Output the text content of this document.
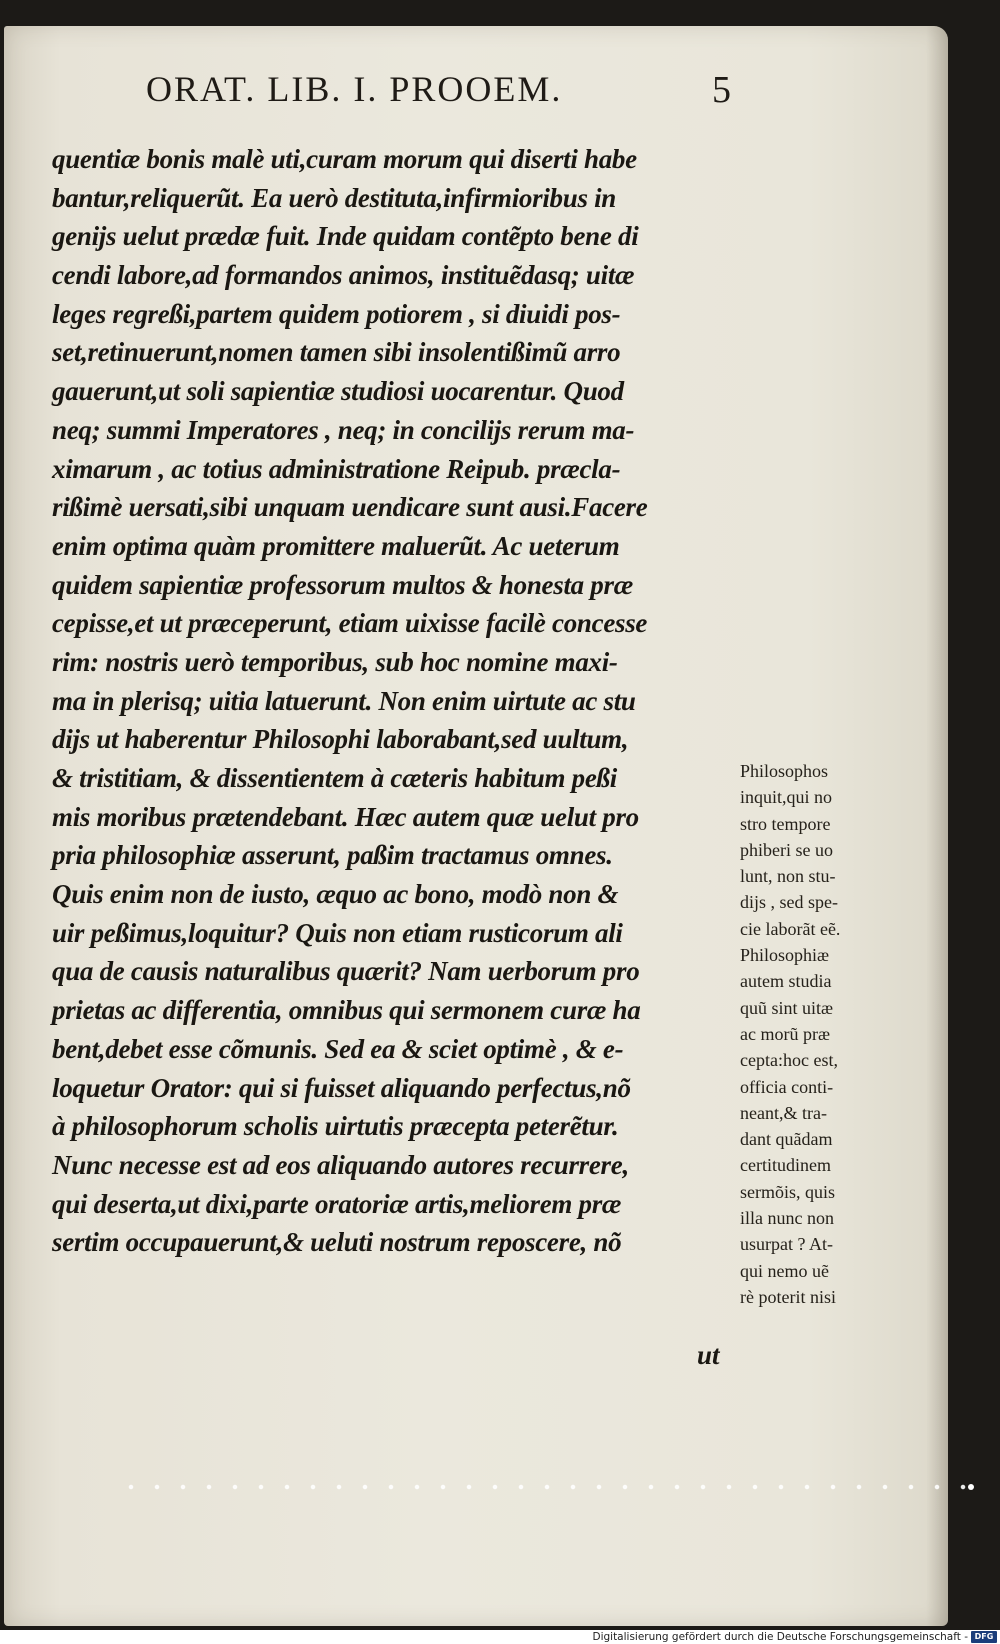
ORAT. LIB. I. PROOEM.	5
quentiæ bonis malè uti,curam morum qui diserti habe
bantur,reliquerũt. Ea uerò destituta,infirmioribus in
genijs uelut prædæ fuit. Inde quidam contẽpto bene di
cendi labore,ad formandos animos, instituẽdasq; uitæ
leges regreßi,partem quidem potiorem , si diuidi pos-
set,retinuerunt,nomen tamen sibi insolentißimũ arro
gauerunt,ut soli sapientiæ studiosi uocarentur. Quod
neq; summi Imperatores , neq; in concilijs rerum ma-
ximarum , ac totius administratione Reipub. præcla-
rißimè uersati,sibi unquam uendicare sunt ausi.Facere
enim optima quàm promittere maluerũt. Ac ueterum
quidem sapientiæ professorum multos & honesta præ
cepisse,et ut præceperunt, etiam uixisse facilè concesse
rim: nostris uerò temporibus, sub hoc nomine maxi-
ma in plerisq; uitia latuerunt. Non enim uirtute ac stu
dijs ut haberentur Philosophi laborabant,sed uultum,
& tristitiam, & dissentientem à cæteris habitum peßi
mis moribus prætendebant. Hæc autem quæ uelut pro
pria philosophiæ asserunt, paßim tractamus omnes.
Quis enim non de iusto, æquo ac bono, modò non &
uir peßimus,loquitur? Quis non etiam rusticorum ali
qua de causis naturalibus quærit? Nam uerborum pro
prietas ac differentia, omnibus qui sermonem curæ ha
bent,debet esse cõmunis. Sed ea & sciet optimè , & e-
loquetur Orator: qui si fuisset aliquando perfectus,nõ
à philosophorum scholis uirtutis præcepta peterẽtur.
Nunc necesse est ad eos aliquando autores recurrere,
qui deserta,ut dixi,parte oratoriæ artis,meliorem præ
sertim occupauerunt,& ueluti nostrum reposcere, nõ
ut
Philosophos
inquit,qui no
stro tempore
phiberi se uo
lunt, non stu-
dijs , sed spe-
cie laborãt eẽ.
Philosophiæ
autem studia
quũ sint uitæ
ac morũ præ
cepta:hoc est,
officia conti-
neant,& tra-
dant quãdam
certitudinem
sermõis, quis
illa nunc non
usurpat ? At-
qui nemo uẽ
rè poterit nisi
Digitalisierung gefördert durch die Deutsche Forschungsgemeinschaft - DFG
